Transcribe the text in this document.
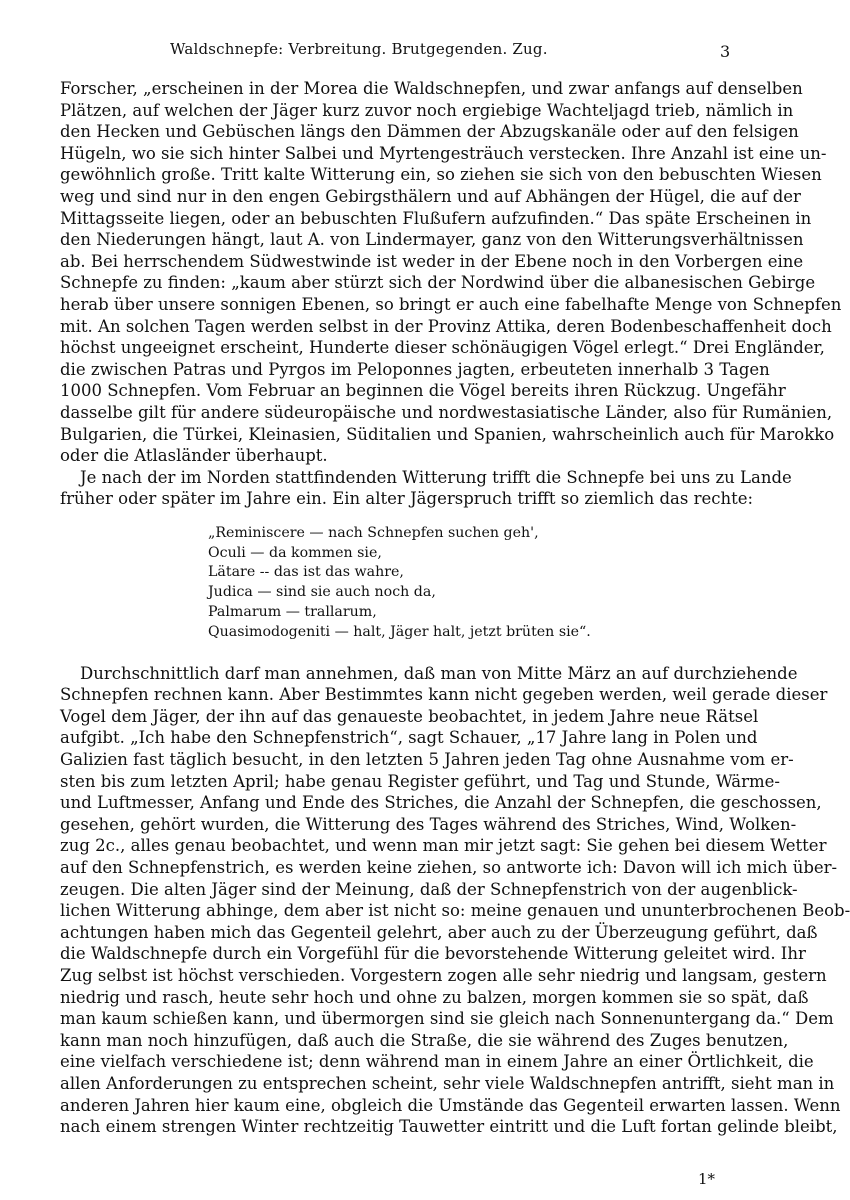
Waldschnepfe: Verbreitung. Brutgegenden. Zug.	3

Forscher, „erscheinen in der Morea die Waldschnepfen, und zwar anfangs auf denselben
Plätzen, auf welchen der Jäger kurz zuvor noch ergiebige Wachteljagd trieb, nämlich in
den Hecken und Gebüschen längs den Dämmen der Abzugskanäle oder auf den felsigen
Hügeln, wo sie sich hinter Salbei und Myrtengesträuch verstecken. Ihre Anzahl ist eine un-
gewöhnlich große. Tritt kalte Witterung ein, so ziehen sie sich von den bebuschten Wiesen
weg und sind nur in den engen Gebirgsthälern und auf Abhängen der Hügel, die auf der
Mittagsseite liegen, oder an bebuschten Flußufern aufzufinden.“ Das späte Erscheinen in
den Niederungen hängt, laut A. von Lindermayer, ganz von den Witterungsverhältnissen
ab. Bei herrschendem Südwestwinde ist weder in der Ebene noch in den Vorbergen eine
Schnepfe zu finden: „kaum aber stürzt sich der Nordwind über die albanesischen Gebirge
herab über unsere sonnigen Ebenen, so bringt er auch eine fabelhafte Menge von Schnepfen
mit. An solchen Tagen werden selbst in der Provinz Attika, deren Bodenbeschaffenheit doch
höchst ungeeignet erscheint, Hunderte dieser schönäugigen Vögel erlegt.“ Drei Engländer,
die zwischen Patras und Pyrgos im Peloponnes jagten, erbeuteten innerhalb 3 Tagen
1000 Schnepfen. Vom Februar an beginnen die Vögel bereits ihren Rückzug. Ungefähr
dasselbe gilt für andere südeuropäische und nordwestasiatische Länder, also für Rumänien,
Bulgarien, die Türkei, Kleinasien, Süditalien und Spanien, wahrscheinlich auch für Marokko
oder die Atlasländer überhaupt.

Je nach der im Norden stattfindenden Witterung trifft die Schnepfe bei uns zu Lande
früher oder später im Jahre ein. Ein alter Jägerspruch trifft so ziemlich das rechte:

„Reminiscere — nach Schnepfen suchen geh',
Oculi — da kommen sie,
Lätare -- das ist das wahre,
Judica — sind sie auch noch da,
Palmarum — trallarum,
Quasimodogeniti — halt, Jäger halt, jetzt brüten sie“.

Durchschnittlich darf man annehmen, daß man von Mitte März an auf durchziehende
Schnepfen rechnen kann. Aber Bestimmtes kann nicht gegeben werden, weil gerade dieser
Vogel dem Jäger, der ihn auf das genaueste beobachtet, in jedem Jahre neue Rätsel
aufgibt. „Ich habe den Schnepfenstrich“, sagt Schauer, „17 Jahre lang in Polen und
Galizien fast täglich besucht, in den letzten 5 Jahren jeden Tag ohne Ausnahme vom er-
sten bis zum letzten April; habe genau Register geführt, und Tag und Stunde, Wärme-
und Luftmesser, Anfang und Ende des Striches, die Anzahl der Schnepfen, die geschossen,
gesehen, gehört wurden, die Witterung des Tages während des Striches, Wind, Wolken-
zug 2c., alles genau beobachtet, und wenn man mir jetzt sagt: Sie gehen bei diesem Wetter
auf den Schnepfenstrich, es werden keine ziehen, so antworte ich: Davon will ich mich über-
zeugen. Die alten Jäger sind der Meinung, daß der Schnepfenstrich von der augenblick-
lichen Witterung abhinge, dem aber ist nicht so: meine genauen und ununterbrochenen Beob-
achtungen haben mich das Gegenteil gelehrt, aber auch zu der Überzeugung geführt, daß
die Waldschnepfe durch ein Vorgefühl für die bevorstehende Witterung geleitet wird. Ihr
Zug selbst ist höchst verschieden. Vorgestern zogen alle sehr niedrig und langsam, gestern
niedrig und rasch, heute sehr hoch und ohne zu balzen, morgen kommen sie so spät, daß
man kaum schießen kann, und übermorgen sind sie gleich nach Sonnenuntergang da.“ Dem
kann man noch hinzufügen, daß auch die Straße, die sie während des Zuges benutzen,
eine vielfach verschiedene ist; denn während man in einem Jahre an einer Örtlichkeit, die
allen Anforderungen zu entsprechen scheint, sehr viele Waldschnepfen antrifft, sieht man in
anderen Jahren hier kaum eine, obgleich die Umstände das Gegenteil erwarten lassen. Wenn
nach einem strengen Winter rechtzeitig Tauwetter eintritt und die Luft fortan gelinde bleibt,

1*
